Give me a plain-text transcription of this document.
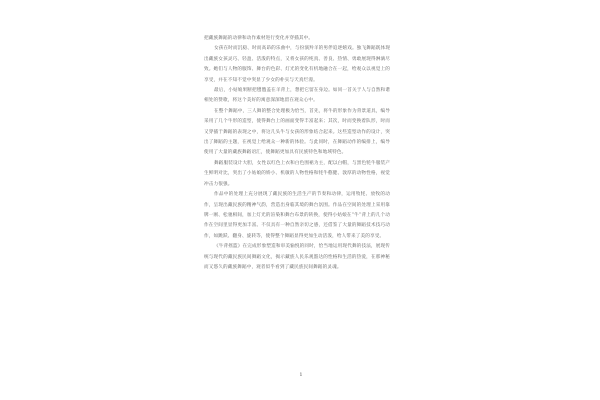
把藏族舞蹈的动律和动作素材进行变化并穿插其中。

女孩在时而沉稳、时而高昂的乐曲中，与扮演羚羊的男伴追逐嬉戏。独飞舞蹈既体现出藏族女孩灵巧、轻盈、活泼的特点，又将女孩的纯真、善良、热情、勇敢展现得淋漓尽致。她们与人物的服饰、舞台的色彩、灯光的变化有机地融合在一起，给观众以视觉上的享受，并在不知不觉中突显了少女的朴实与天真烂漫。

最后，小姑娘果断把氆氇盖在羊背上，想把它留在身边。如同一首关于人与自然和谐相处的赞歌，将这个美好的寓意深深地留在观众心中。

在整个舞蹈中，三人舞的整合处理极为恰当，首先，将牛的形象作为背景道具，编导采用了几个牛形的造型，使得舞台上的画面变得丰富起来；其次，时而变换着队形，时而又穿插于舞蹈的表现之中，将这几头牛与女孩的形象结合起来。这些造型动作的设计，突出了舞蹈的主题，在视觉上给观众一种新的体验。与此同时，在舞蹈动作的编排上，编导使用了大量的藏族舞蹈语汇，使舞蹈更加具有民族特色和地域特色。

舞蹈服装设计大胆，女性以红色上衣和白色围裙为主，配以白帽，与黑色牦牛服装产生鲜明对比，突出了小姑娘的娇小、机敏的人物性格和牦牛憨健、敦厚的动物性格，视觉冲击力很强。

作品中的处理上充分展现了藏民族的生活生产的节奏和动律，运用牧牦、放牧的动作，呈现出藏民族的精神气韵，营造出身临其境的舞台氛围。作品在空间的处理上采用靠牌一刚、松驰相间，加上灯光的渲染和舞台布景的转换，使得小姑娘在“牛”背上的几个动作在空间里显得更加丰富。不仅具有一种自然亲切之感，还借鉴了大量的舞蹈技术技巧动作，如跳跃、翻身、旋转等，使得整个舞蹈显得更加生动活泼，给人带来了美的享受。

《牛背摇篮》在完成形象塑造和审美愉悦的同时，恰当地运用现代舞的技法，展现传统与现代的藏民族民间舞蹈文化，揭示藏族人民乐观豁达的性格和生活的热爱，在那神秘而又悠久的藏族舞蹈中，观者似乎看到了藏民族民间舞蹈的灵魂。

1
